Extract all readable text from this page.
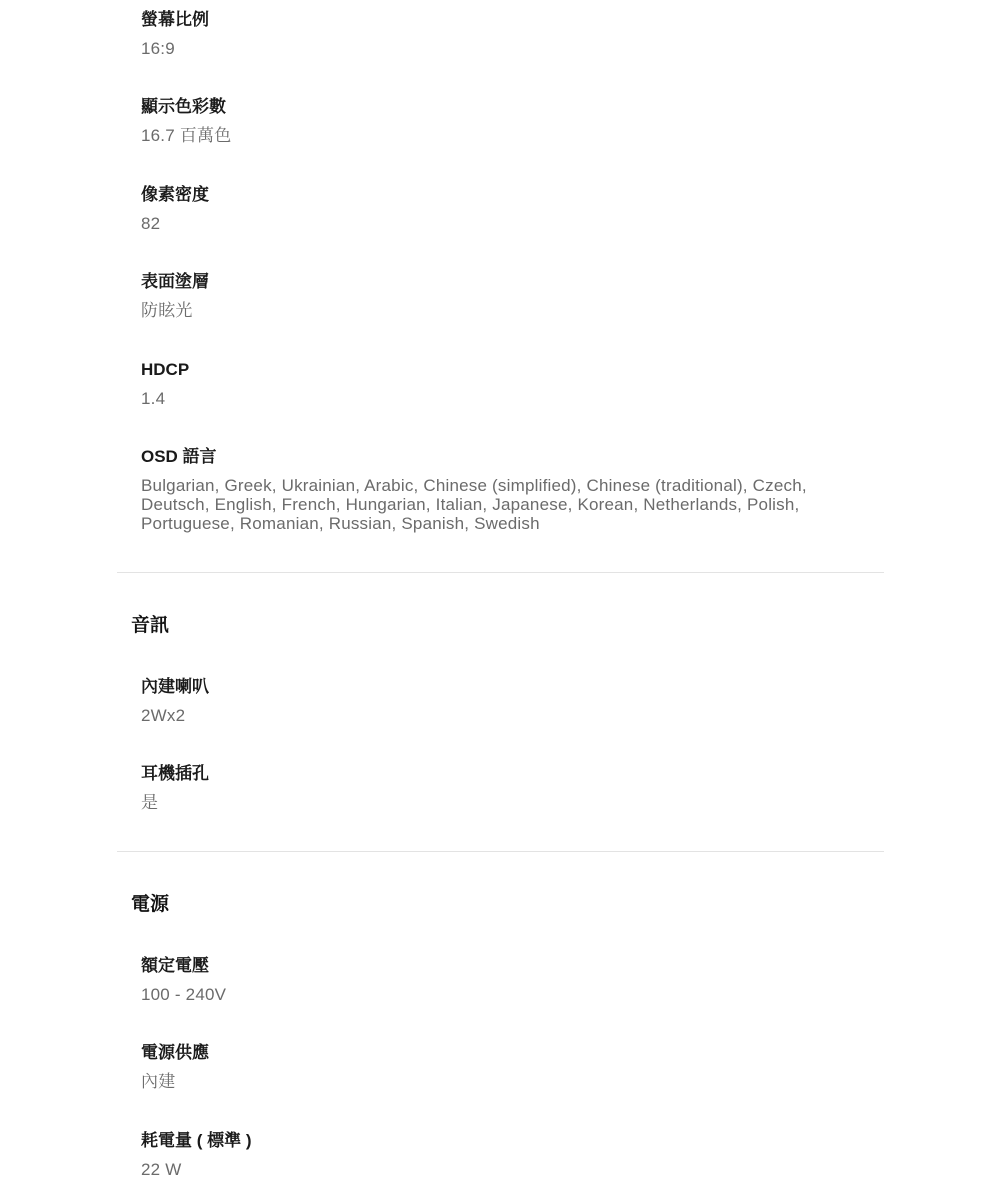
螢幕比例
16:9
顯示色彩數
16.7 百萬色
像素密度
82
表面塗層
防眩光
HDCP
1.4
OSD 語言
Bulgarian, Greek, Ukrainian, Arabic, Chinese (simplified), Chinese (traditional), Czech, Deutsch, English, French, Hungarian, Italian, Japanese, Korean, Netherlands, Polish, Portuguese, Romanian, Russian, Spanish, Swedish
音訊
內建喇叭
2Wx2
耳機插孔
是
電源
額定電壓
100 - 240V
電源供應
內建
耗電量 ( 標準 )
22 W
